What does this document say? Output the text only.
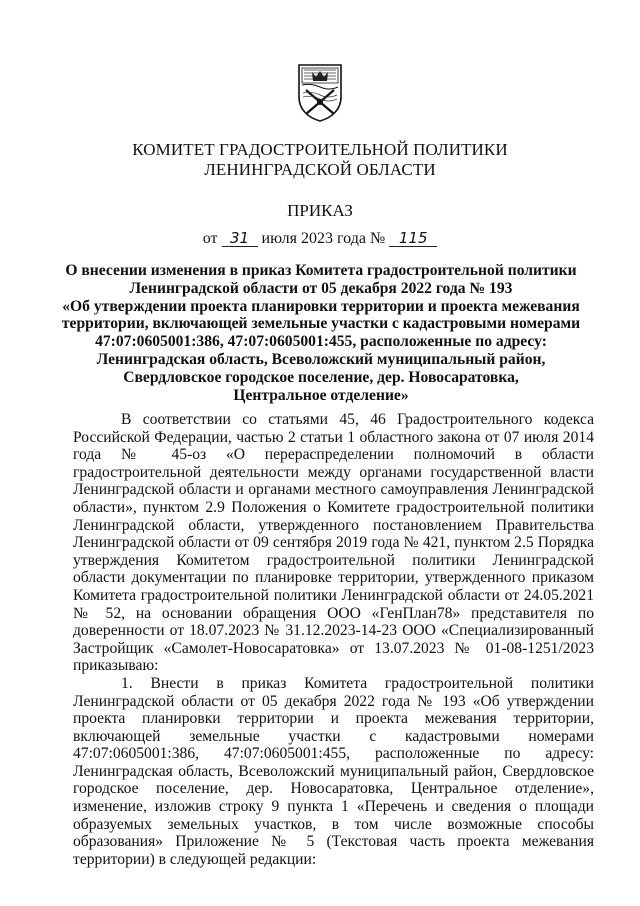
КОМИТЕТ ГРАДОСТРОИТЕЛЬНОЙ ПОЛИТИКИ
ЛЕНИНГРАДСКОЙ ОБЛАСТИ
ПРИКАЗ
от 31 июля 2023 года № 115
О внесении изменения в приказ Комитета градостроительной политики
Ленинградской области от 05 декабря 2022 года № 193
«Об утверждении проекта планировки территории и проекта межевания
территории, включающей земельные участки с кадастровыми номерами
47:07:0605001:386, 47:07:0605001:455, расположенные по адресу:
Ленинградская область, Всеволожский муниципальный район,
Свердловское городское поселение, дер. Новосаратовка,
Центральное отделение»

В соответствии со статьями 45, 46 Градостроительного кодекса Российской Федерации, частью 2 статьи 1 областного закона от 07 июля 2014 года № 45-оз «О перераспределении полномочий в области градостроительной деятельности между органами государственной власти Ленинградской области и органами местного самоуправления Ленинградской области», пунктом 2.9 Положения о Комитете градостроительной политики Ленинградской области, утвержденного постановлением Правительства Ленинградской области от 09 сентября 2019 года № 421, пунктом 2.5 Порядка утверждения Комитетом градостроительной политики Ленинградской области документации по планировке территории, утвержденного приказом Комитета градостроительной политики Ленинградской области от 24.05.2021 № 52, на основании обращения ООО «ГенПлан78» представителя по доверенности от 18.07.2023 № 31.12.2023-14-23 ООО «Специализированный Застройщик «Самолет-Новосаратовка» от 13.07.2023 № 01-08-1251/2023 приказываю:

1. Внести в приказ Комитета градостроительной политики Ленинградской области от 05 декабря 2022 года № 193 «Об утверждении проекта планировки территории и проекта межевания территории, включающей земельные участки с кадастровыми номерами 47:07:0605001:386, 47:07:0605001:455, расположенные по адресу: Ленинградская область, Всеволожский муниципальный район, Свердловское городское поселение, дер. Новосаратовка, Центральное отделение», изменение, изложив строку 9 пункта 1 «Перечень и сведения о площади образуемых земельных участков, в том числе возможные способы образования» Приложение № 5 (Текстовая часть проекта межевания территории) в следующей редакции:
